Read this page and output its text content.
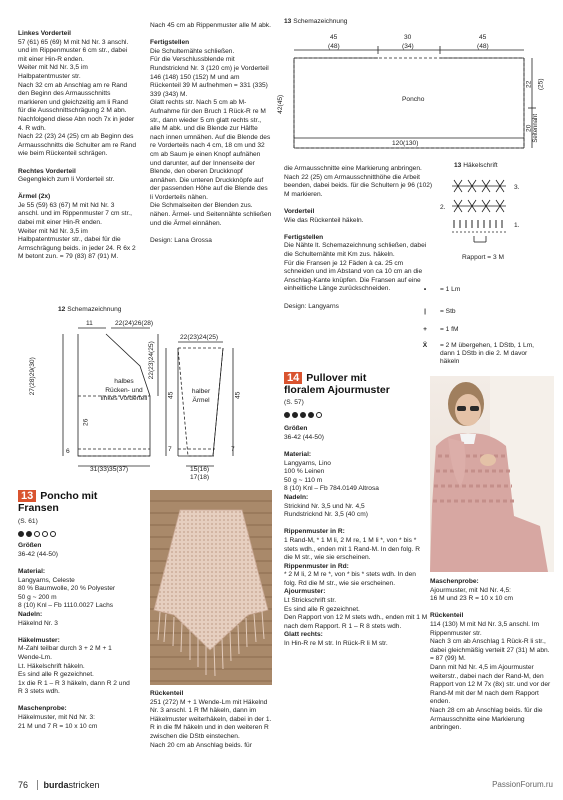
Linkes Vorderteil
57 (61) 65 (69) M mit Nd Nr. 3 anschl. und im Rippenmuster 6 cm str., dabei mit einer Hin-R enden.
Weiter mit Nd Nr. 3,5 im Halbpatentmuster str.
Nach 32 cm ab Anschlag am re Rand den Beginn des Armausschnitts markieren und gleichzeitig am li Rand für die Ausschnittschrägung 2 M abn. Nachfolgend diese Abn noch 7x in jeder 4. R wdh.
Nach 22 (23) 24 (25) cm ab Beginn des Armausschnitts die Schulter am re Rand wie beim Rückenteil schrägen.
Rechtes Vorderteil
Gegengleich zum li Vorderteil str.
Ärmel (2x)
Je 55 (59) 63 (67) M mit Nd Nr. 3 anschl. und im Rippenmuster 7 cm str., dabei mit einer Hin-R enden.
Weiter mit Nd Nr. 3,5 im Halbpatentmuster str., dabei für die Armschrägung beids. in jeder 24. R 6x 2 M betont zun. = 79 (83) 87 (91) M.
Nach 45 cm ab Rippenmuster alle M abk.
Fertigstellen
Die Schulternähte schließen.
Für die Verschlussblende mit Rundstricknd Nr. 3 (120 cm) je Vorderteil 146 (148) 150 (152) M und am Rückenteil 39 M aufnehmen = 331 (335) 339 (343) M.
Glatt rechts str. Nach 5 cm ab M-Aufnahme für den Bruch 1 Rück-R re M str., dann wieder 5 cm glatt rechts str., alle M abk. und die Blende zur Hälfte nach innen umnähen. Auf die Blende des re Vorderteils nach 4 cm, 18 cm und 32 cm ab Saum je einen Knopf aufnähen und darunter, auf der Innenseite der Blende, den oberen Druckknopf annähen. Die unteren Druckknöpfe auf der passenden Höhe auf die Blende des li Vorderteils nähen.
Die Schmalseiten der Blenden zus. nähen. Ärmel- und Seitennähte schließen und die Ärmel einnähen.
Design: Lana Grossa
12 Schemazeichnung
11	22(24)26(28)
27(28)29(30)	22(23)24(25)
26
6
31(33)35(37)
halbes
Rücken- und
linkes Vorderteil
22(23)24(25)
45	45
7	7
15(16)
17(18)
halber
Ärmel
13 Poncho mit Fransen
(S. 61)
Größen
36-42 (44-50)
Material:
Langyarns, Celeste
80 % Baumwolle, 20 % Polyester
50 g ~ 200 m
8 (10) Knl – Fb 1110.0027 Lachs
Nadeln:
Häkelnd Nr. 3
Häkelmuster:
M-Zahl teilbar durch 3 + 2 M + 1 Wende-Lm.
Lt. Häkelschrift häkeln.
Es sind alle R gezeichnet.
1x die R 1 – R 3 häkeln, dann R 2 und R 3 stets wdh.
Maschenprobe:
Häkelmuster, mit Nd Nr. 3:
21 M und 7 R = 10 x 10 cm
Rückenteil
251 (272) M + 1 Wende-Lm mit Häkelnd Nr. 3 anschl. 1 R fM häkeln, dann im Häkelmuster weiterhäkeln, dabei in der 1. R in die fM häkeln und in den weiteren R zwischen die DStb einstechen.
Nach 20 cm ab Anschlag beids. für
13 Schemazeichnung
45
(48)
30
(34)
45
(48)
42(45)	Poncho
120(130)
22 (25)
20 Seitennaht
die Armausschnitte eine Markierung anbringen.
Nach 22 (25) cm Armausschnitthöhe die Arbeit beenden, dabei beids. für die Schultern je 96 (102) M markieren.
Vorderteil
Wie das Rückenteil häkeln.
Fertigstellen
Die Nähte lt. Schemazeichnung schließen, dabei die Schulternähte mit Km zus. häkeln.
Für die Fransen je 12 Fäden à ca. 25 cm schneiden und im Abstand von ca 10 cm an die Anschlag-Kante knüpfen. Die Fransen auf eine einheitliche Länge zurückschneiden.
Design: Langyarns
13 Häkelschrift
3.
2.
1.
Rapport = 3 M
• = 1 Lm
| = Stb
+ = 1 fM
Ẍ = 2 M übergehen, 1 DStb, 1 Lm, dann 1 DStb in die 2. M davor häkeln
14 Pullover mit
floralem Ajourmuster
(S. 57)
Größen
36-42 (44-50)
Material:
Langyarns, Lino
100 % Leinen
50 g ~ 110 m
8 (10) Knl – Fb 784.0149 Altrosa
Nadeln:
Strickind Nr. 3,5 und Nr. 4,5
Rundstricknd Nr. 3,5 (40 cm)
Rippenmuster in R:
1 Rand-M, * 1 M li, 2 M re, 1 M li *, von * bis * stets wdh., enden mit 1 Rand-M. In den folg. R die M str., wie sie erscheinen.
Rippenmuster in Rd:
* 2 M li, 2 M re *, von * bis * stets wdh. In den folg. Rd die M str., wie sie erscheinen.
Ajourmuster:
Lt Strickschrift str.
Es sind alle R gezeichnet.
Den Rapport von 12 M stets wdh., enden mit 1 M nach dem Rapport. R 1 – R 8 stets wdh.
Glatt rechts:
In Hin-R re M str. In Rück-R li M str.
Maschenprobe:
Ajourmuster, mit Nd Nr. 4,5:
16 M und 23 R = 10 x 10 cm
Rückenteil
114 (130) M mit Nd Nr. 3,5 anschl. Im Rippenmuster str.
Nach 3 cm ab Anschlag 1 Rück-R li str., dabei gleichmäßig verteilt 27 (31) M abn. = 87 (99) M.
Dann mit Nd Nr. 4,5 im Ajourmuster weiterstr., dabei nach der Rand-M, den Rapport von 12 M 7x (8x) str. und vor der Rand-M mit der M nach dem Rapport enden.
Nach 28 cm ab Anschlag beids. für die Armausschnitte eine Markierung anbringen.
76 burdastricken	PassionForum.ru
